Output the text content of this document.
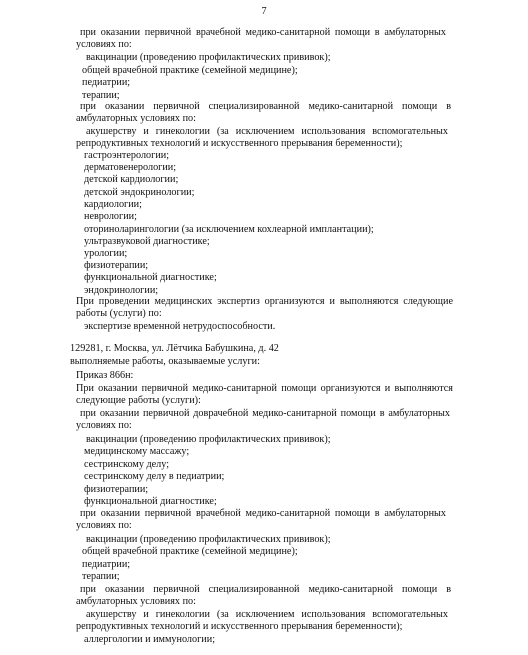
7
при оказании первичной врачебной медико-санитарной помощи в амбулаторных
условиях по:
вакцинации (проведению профилактических прививок);
общей врачебной практике (семейной медицине);
педиатрии;
терапии;
при оказании первичной специализированной медико-санитарной помощи в
амбулаторных условиях по:
акушерству и гинекологии (за исключением использования вспомогательных
репродуктивных технологий и искусственного прерывания беременности);
гастроэнтерологии;
дерматовенерологии;
детской кардиологии;
детской эндокринологии;
кардиологии;
неврологии;
оториноларингологии (за исключением кохлеарной имплантации);
ультразвуковой диагностике;
урологии;
физиотерапии;
функциональной диагностике;
эндокринологии;
При проведении медицинских экспертиз организуются и выполняются следующие
работы (услуги) по:
экспертизе временной нетрудоспособности.
129281, г. Москва, ул. Лётчика Бабушкина, д. 42
выполняемые работы, оказываемые услуги:
Приказ 866н:
При оказании первичной медико-санитарной помощи организуются и выполняются
следующие работы (услуги):
при оказании первичной доврачебной медико-санитарной помощи в амбулаторных
условиях по:
вакцинации (проведению профилактических прививок);
медицинскому массажу;
сестринскому делу;
сестринскому делу в педиатрии;
физиотерапии;
функциональной диагностике;
при оказании первичной врачебной медико-санитарной помощи в амбулаторных
условиях по:
вакцинации (проведению профилактических прививок);
общей врачебной практике (семейной медицине);
педиатрии;
терапии;
при оказании первичной специализированной медико-санитарной помощи в
амбулаторных условиях по:
акушерству и гинекологии (за исключением использования вспомогательных
репродуктивных технологий и искусственного прерывания беременности);
аллергологии и иммунологии;
